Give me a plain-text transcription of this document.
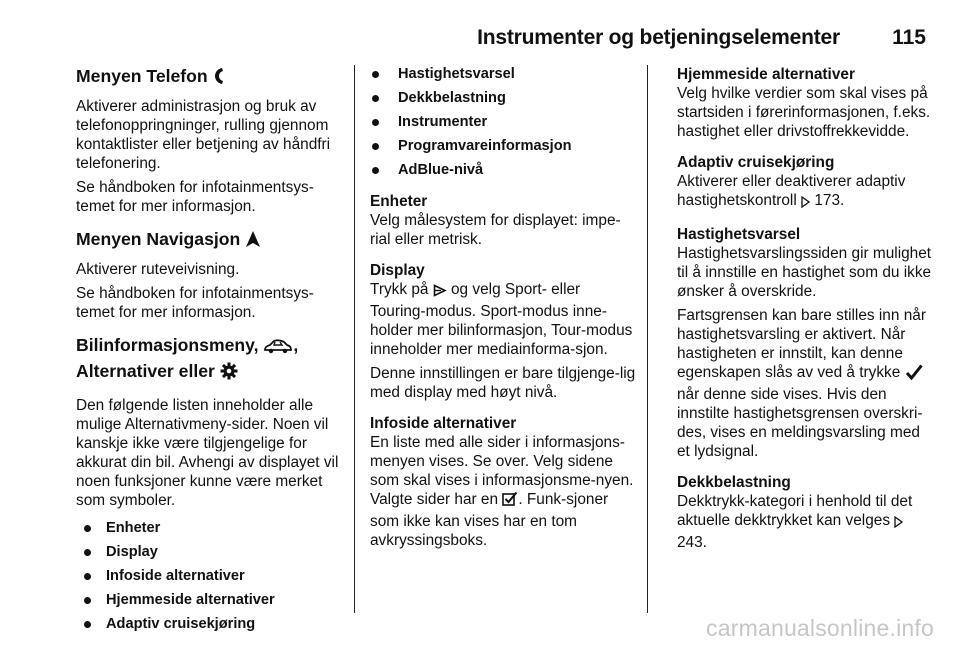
Instrumenter og betjeningselementer 115
Menyen Telefon

Aktiverer administrasjon og bruk av telefonoppringninger, rulling gjennom kontaktlister eller betjening av håndfri telefonering.

Se håndboken for infotainmentsys-temet for mer informasjon.

Menyen Navigasjon

Aktiverer ruteveivisning.

Se håndboken for infotainmentsys-temet for mer informasjon.

Bilinformasjonsmeny, ,
Alternativer eller

Den følgende listen inneholder alle mulige Alternativmeny-sider. Noen vil kanskje ikke være tilgjengelige for akkurat din bil. Avhengi av displayet vil noen funksjoner kunne være merket som symboler.

Enheter
Display
Infoside alternativer
Hjemmeside alternativer
Adaptiv cruisekjøring
Hastighetsvarsel
Dekkbelastning
Instrumenter
Programvareinformasjon
AdBlue-nivå
Enheter

Velg målesystem for displayet: impe-rial eller metrisk.

Display

Trykk på og velg Sport- eller Touring-modus. Sport-modus inne-holder mer bilinformasjon, Tour-modus inneholder mer mediainforma-sjon.

Denne innstillingen er bare tilgjenge-lig med display med høyt nivå.

Infoside alternativer

En liste med alle sider i informasjons-menyen vises. Se over. Velg sidene som skal vises i informasjonsme-nyen. Valgte sider har en . Funk-sjoner som ikke kan vises har en tom avkryssingsboks.

Hjemmeside alternativer

Velg hvilke verdier som skal vises på startsiden i førerinformasjonen, f.eks. hastighet eller drivstoffrekkevidde.

Adaptiv cruisekjøring

Aktiverer eller deaktiverer adaptiv hastighetskontroll 173.

Hastighetsvarsel

Hastighetsvarslingssiden gir mulighet til å innstille en hastighet som du ikke ønsker å overskride.

Fartsgrensen kan bare stilles inn når hastighetsvarsling er aktivert. Når hastigheten er innstilt, kan denne egenskapen slås av ved å trykke  når denne side vises. Hvis den innstilte hastighetsgrensen overskri-des, vises en meldingsvarsling med et lydsignal.

Dekkbelastning

Dekktrykk-kategori i henhold til det aktuelle dekktrykket kan velges  243.

carmanualsonline.info
